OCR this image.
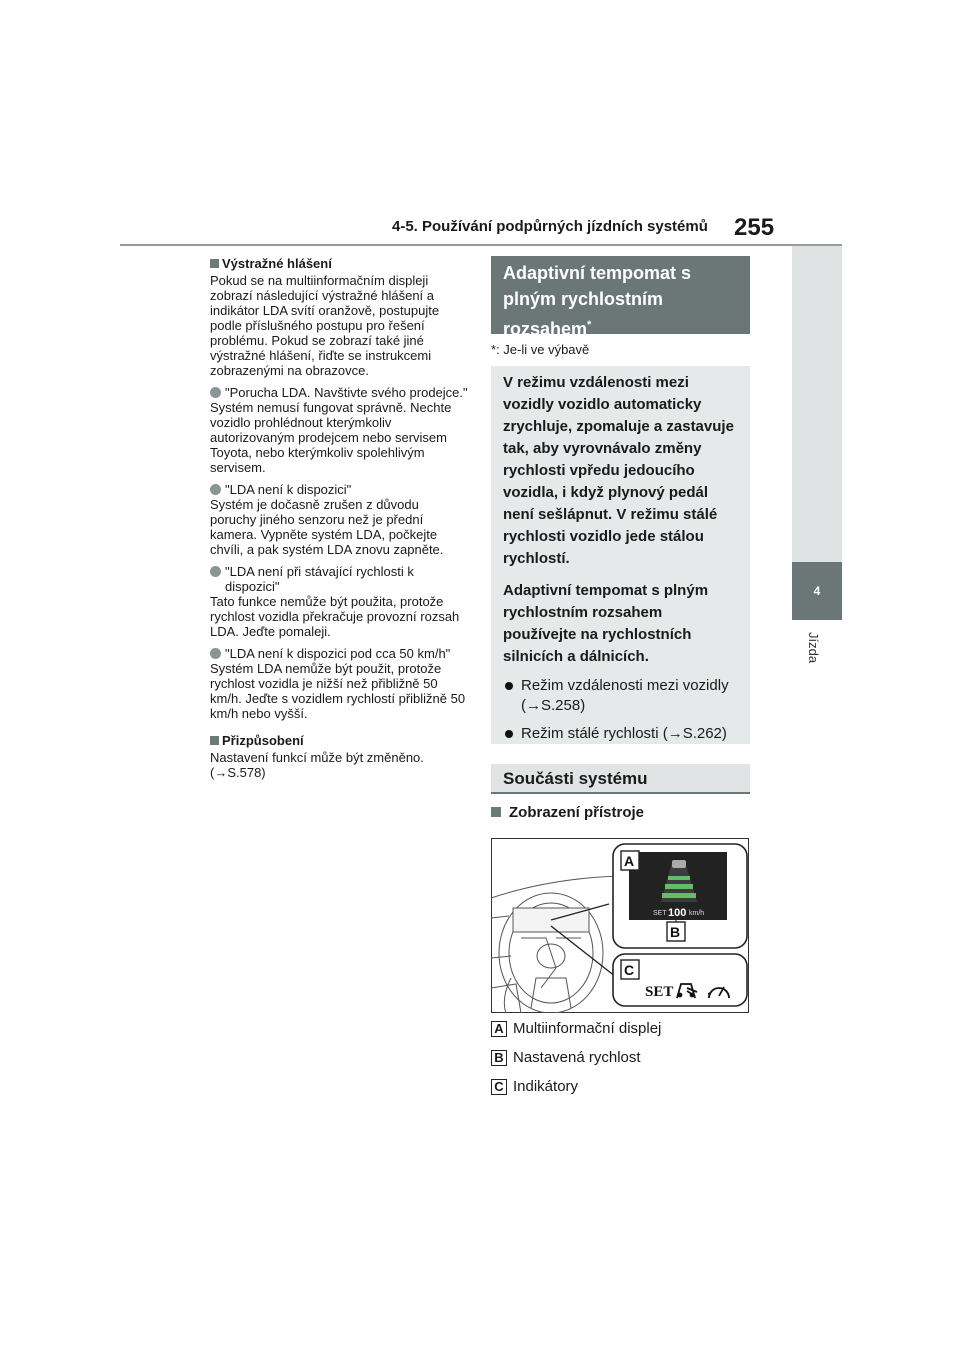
4-5. Používání podpůrných jízdních systémů 255
4
Jízda
Výstražné hlášení

Pokud se na multiinformačním displeji zobrazí následující výstražné hlášení a indikátor LDA svítí oranžově, postupujte podle příslušného postupu pro řešení problému. Pokud se zobrazí také jiné výstražné hlášení, řiďte se instrukcemi zobrazenými na obrazovce.

"Porucha LDA. Navštivte svého prodejce."

Systém nemusí fungovat správně. Nechte vozidlo prohlédnout kterýmkoliv autorizovaným prodejcem nebo servisem Toyota, nebo kterýmkoliv spolehlivým servisem.

"LDA není k dispozici"

Systém je dočasně zrušen z důvodu poruchy jiného senzoru než je přední kamera. Vypněte systém LDA, počkejte chvíli, a pak systém LDA znovu zapněte.

"LDA není při stávající rychlosti k dispozici"

Tato funkce nemůže být použita, protože rychlost vozidla překračuje provozní rozsah LDA. Jeďte pomaleji.

"LDA není k dispozici pod cca 50 km/h"

Systém LDA nemůže být použit, protože rychlost vozidla je nižší než přibližně 50 km/h. Jeďte s vozidlem rychlostí přibližně 50 km/h nebo vyšší.

Přizpůsobení

Nastavení funkcí může být změněno.

(→S.578)

Adaptivní tempomat s plným rychlostním rozsahem*
*: Je-li ve výbavě

V režimu vzdálenosti mezi vozidly vozidlo automaticky zrychluje, zpomaluje a zastavuje tak, aby vyrovnávalo změny rychlosti vpředu jedoucího vozidla, i když plynový pedál není sešlápnut. V režimu stálé rychlosti vozidlo jede stálou rychlostí.

Adaptivní tempomat s plným rychlostním rozsahem používejte na rychlostních silnicích a dálnicích.

Režim vzdálenosti mezi vozidly (→S.258)
Režim stálé rychlosti (→S.262)
Součásti systému
Zobrazení přístroje
SET 100 km/h
A
B
C
SET
A Multiinformační displej
B Nastavená rychlost
C Indikátory
